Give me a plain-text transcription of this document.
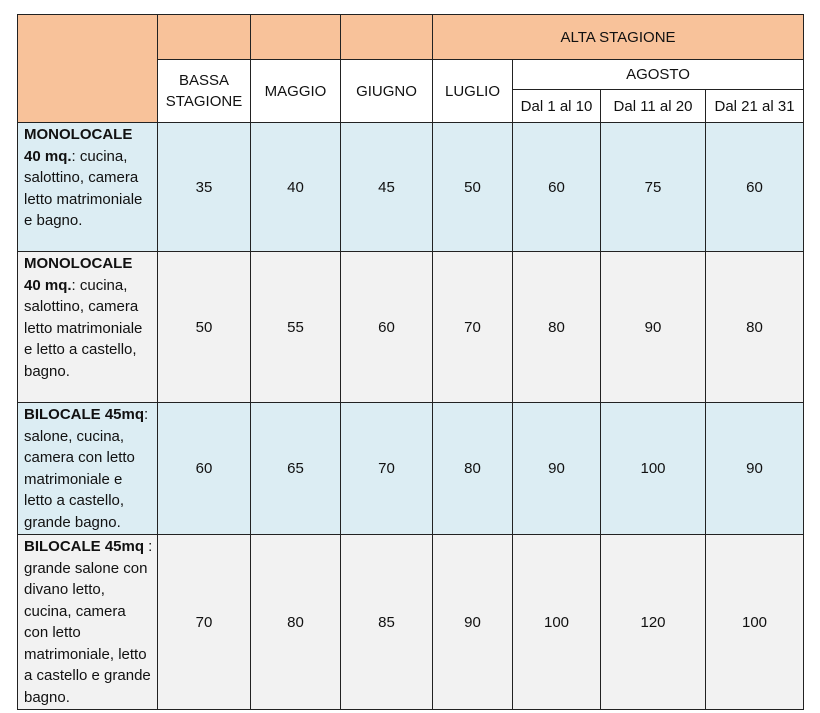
				ALTA STAGIONE			
	BASSA STAGIONE	MAGGIO	GIUGNO	LUGLIO	AGOSTO		
					Dal 1 al 10	Dal 11 al 20	Dal 21 al 31
MONOLOCALE 40 mq.: cucina, salottino, camera letto matrimoniale e bagno.	35	40	45	50	60	75	60
MONOLOCALE 40 mq.: cucina, salottino, camera letto matrimoniale e letto a castello, bagno.	50	55	60	70	80	90	80
BILOCALE 45mq: salone, cucina, camera con letto matrimoniale e letto a castello, grande bagno.	60	65	70	80	90	100	90
BILOCALE 45mq : grande salone con divano letto, cucina, camera con letto matrimoniale, letto a castello e grande bagno.	70	80	85	90	100	120	100
